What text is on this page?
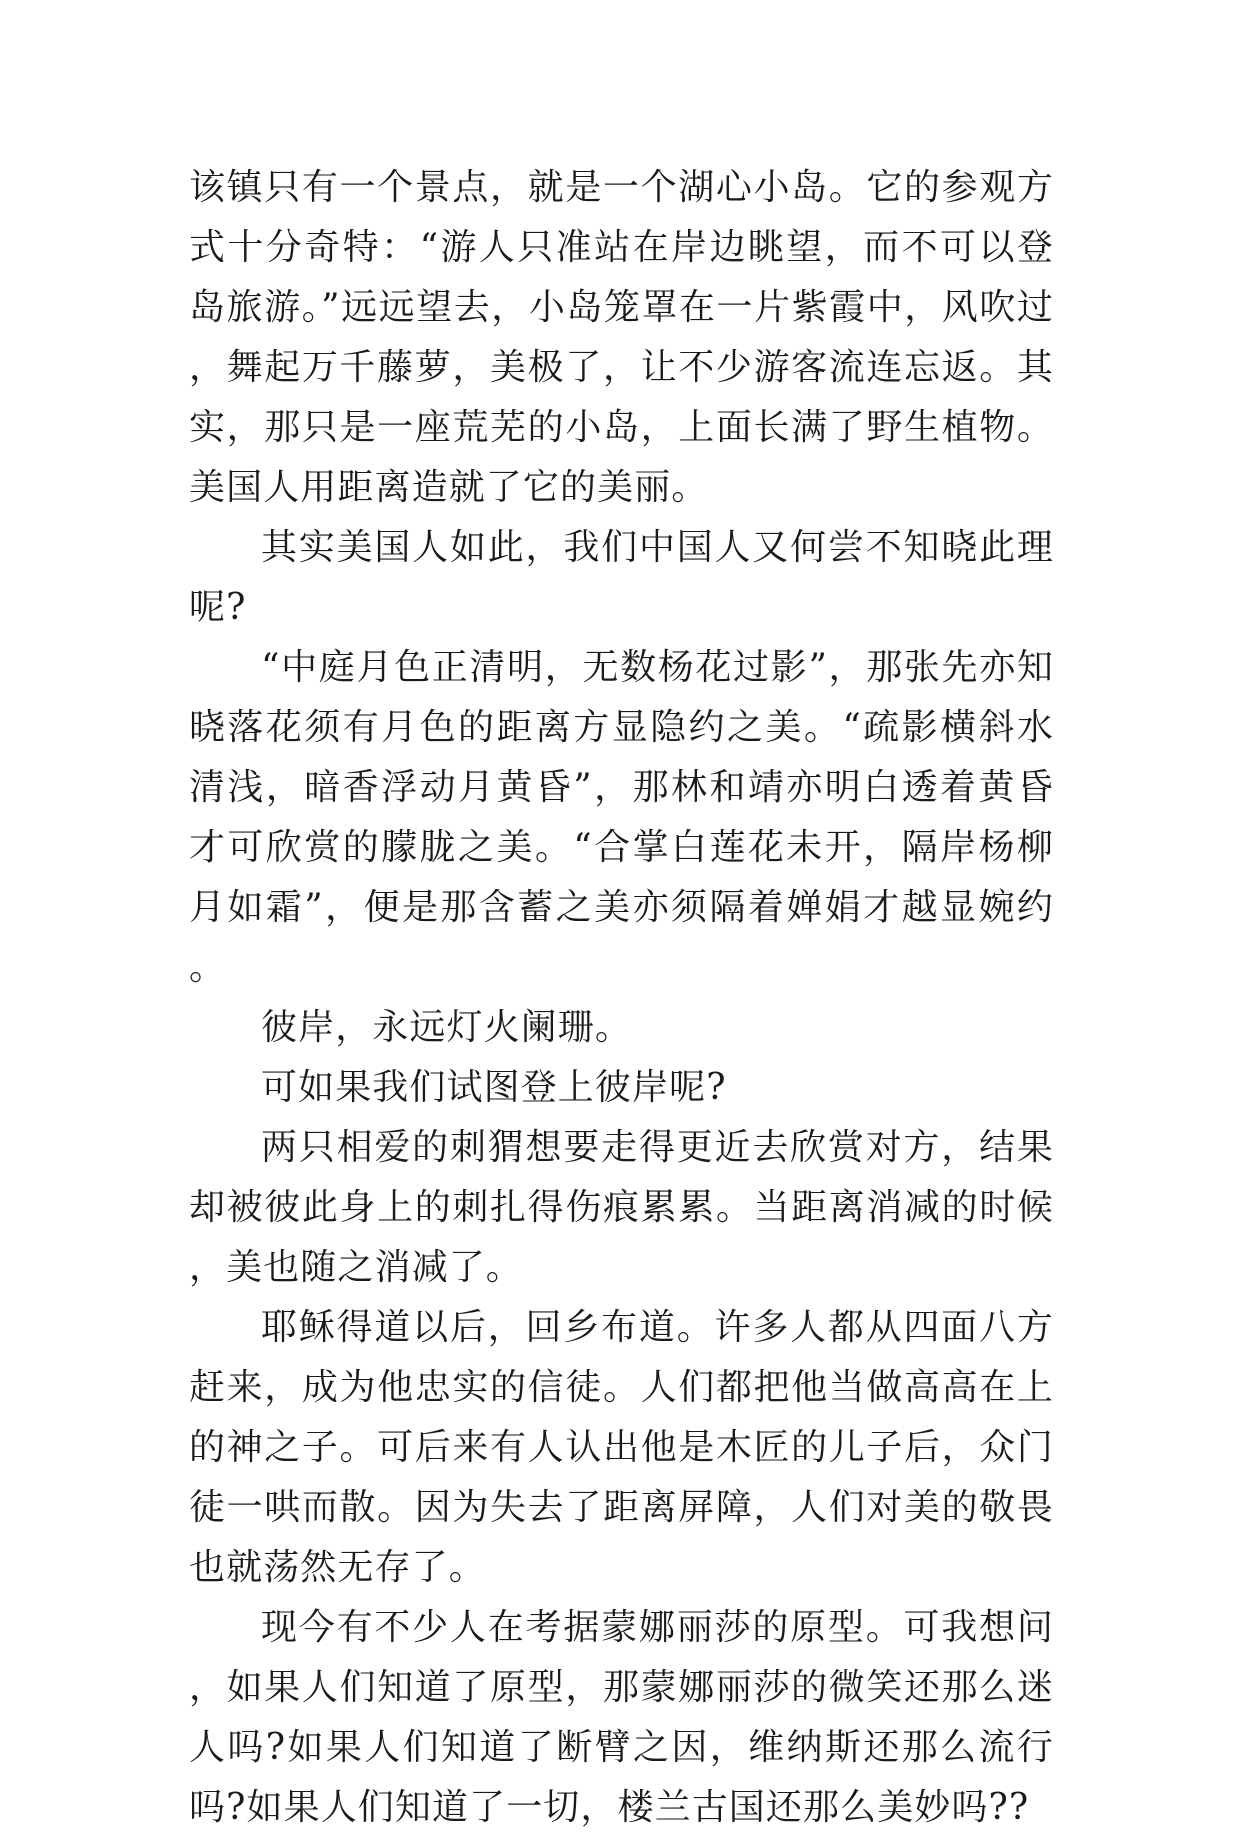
该镇只有一个景点，就是一个湖心小岛。它的参观方式十分奇特：“游人只准站在岸边眺望，而不可以登岛旅游。”远远望去，小岛笼罩在一片紫霞中，风吹过，舞起万千藤萝，美极了，让不少游客流连忘返。其实，那只是一座荒芜的小岛，上面长满了野生植物。美国人用距离造就了它的美丽。

其实美国人如此，我们中国人又何尝不知晓此理呢?

“中庭月色正清明，无数杨花过影”，那张先亦知晓落花须有月色的距离方显隐约之美。“疏影横斜水清浅，暗香浮动月黄昏”，那林和靖亦明白透着黄昏才可欣赏的朦胧之美。“合掌白莲花未开，隔岸杨柳月如霜”，便是那含蓄之美亦须隔着婵娟才越显婉约。

彼岸，永远灯火阑珊。

可如果我们试图登上彼岸呢?

两只相爱的刺猬想要走得更近去欣赏对方，结果却被彼此身上的刺扎得伤痕累累。当距离消减的时候，美也随之消减了。

耶稣得道以后，回乡布道。许多人都从四面八方赶来，成为他忠实的信徒。人们都把他当做高高在上的神之子。可后来有人认出他是木匠的儿子后，众门徒一哄而散。因为失去了距离屏障，人们对美的敬畏也就荡然无存了。

现今有不少人在考据蒙娜丽莎的原型。可我想问，如果人们知道了原型，那蒙娜丽莎的微笑还那么迷人吗?如果人们知道了断臂之因，维纳斯还那么流行吗?如果人们知道了一切，楼兰古国还那么美妙吗??
